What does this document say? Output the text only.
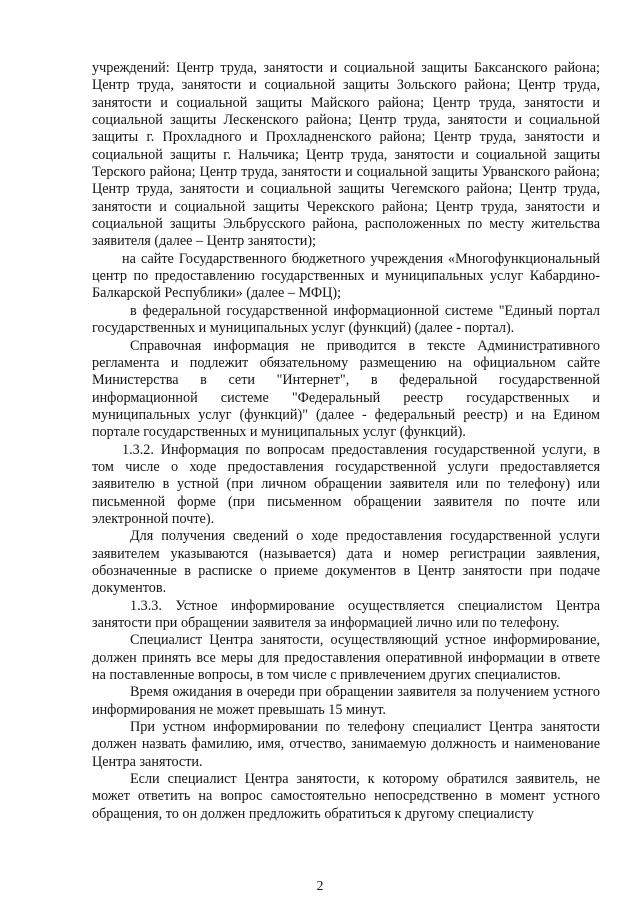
учреждений: Центр труда, занятости и социальной защиты Баксанского района; Центр труда, занятости и социальной защиты Зольского района; Центр труда, занятости и социальной защиты Майского района; Центр труда, занятости и социальной защиты Лескенского района; Центр труда, занятости и социальной защиты г. Прохладного и Прохладненского района; Центр труда, занятости и социальной защиты г. Нальчика; Центр труда, занятости и социальной защиты Терского района; Центр труда, занятости и социальной защиты Урванского района; Центр труда, занятости и социальной защиты Чегемского района; Центр труда, занятости и социальной защиты Черекского района; Центр труда, занятости и социальной защиты Эльбрусского района, расположенных по месту жительства заявителя (далее – Центр занятости);

на сайте Государственного бюджетного учреждения «Многофункциональный центр по предоставлению государственных и муниципальных услуг Кабардино-Балкарской Республики» (далее – МФЦ);

в федеральной государственной информационной системе "Единый портал государственных и муниципальных услуг (функций) (далее - портал).

Справочная информация не приводится в тексте Административного регламента и подлежит обязательному размещению на официальном сайте Министерства в сети "Интернет", в федеральной государственной информационной системе "Федеральный реестр государственных и муниципальных услуг (функций)" (далее - федеральный реестр) и на Едином портале государственных и муниципальных услуг (функций).

1.3.2. Информация по вопросам предоставления государственной услуги, в том числе о ходе предоставления государственной услуги предоставляется заявителю в устной (при личном обращении заявителя или по телефону) или письменной форме (при письменном обращении заявителя по почте или электронной почте).

Для получения сведений о ходе предоставления государственной услуги заявителем указываются (называется) дата и номер регистрации заявления, обозначенные в расписке о приеме документов в Центр занятости при подаче документов.

1.3.3. Устное информирование осуществляется специалистом Центра занятости при обращении заявителя за информацией лично или по телефону.

Специалист Центра занятости, осуществляющий устное информирование, должен принять все меры для предоставления оперативной информации в ответе на поставленные вопросы, в том числе с привлечением других специалистов.

Время ожидания в очереди при обращении заявителя за получением устного информирования не может превышать 15 минут.

При устном информировании по телефону специалист Центра занятости должен назвать фамилию, имя, отчество, занимаемую должность и наименование Центра занятости.

Если специалист Центра занятости, к которому обратился заявитель, не может ответить на вопрос самостоятельно непосредственно в момент устного обращения, то он должен предложить обратиться к другому специалисту

2
